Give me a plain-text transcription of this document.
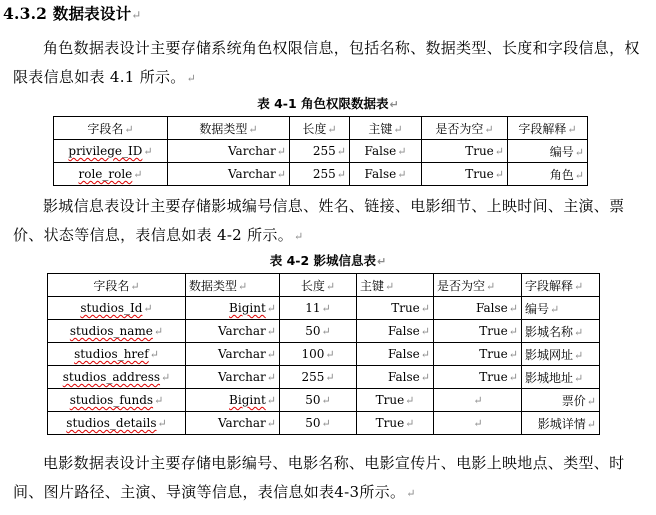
4.3.2 数据表设计↵

角色数据表设计主要存储系统角色权限信息，包括名称、数据类型、长度和字段信息，权限表信息如表 4.1 所示。↵

表 4-1 角色权限数据表↵
字段名↵	数据类型↵	长度↵	主键↵	是否为空↵	字段解释↵
privilege_ID↵	Varchar↵	255↵	False↵	True↵	编号↵
role_role↵	Varchar↵	255↵	False↵	True↵	角色↵

影城信息表设计主要存储影城编号信息、姓名、链接、电影细节、上映时间、主演、票价、状态等信息，表信息如表 4-2 所示。↵

表 4-2 影城信息表↵
字段名↵	数据类型↵	长度↵	主键↵	是否为空↵	字段解释↵
studios_Id↵	Bigint↵	11↵	True↵	False↵	编号↵
studios_name↵	Varchar↵	50↵	False↵	True↵	影城名称↵
studios_href↵	Varchar↵	100↵	False↵	True↵	影城网址↵
studios_address↵	Varchar↵	255↵	False↵	True↵	影城地址↵
studios_funds↵	Bigint↵	50↵	True↵	↵	票价↵
studios_details↵	Varchar↵	50↵	True↵	↵	影城详情↵

电影数据表设计主要存储电影编号、电影名称、电影宣传片、电影上映地点、类型、时间、图片路径、主演、导演等信息，表信息如表4-3所示。↵
